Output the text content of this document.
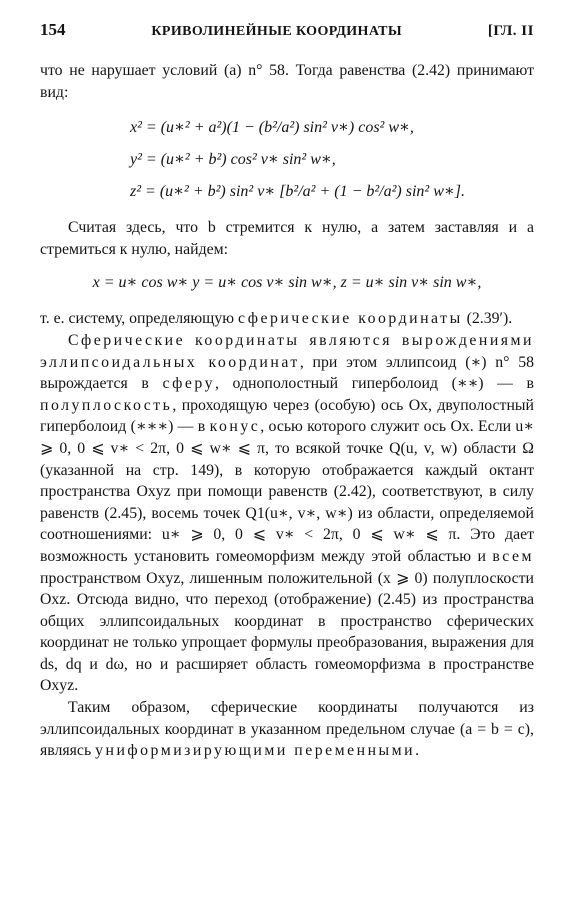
154	КРИВОЛИНЕЙНЫЕ КООРДИНАТЫ	[ГЛ. II

что не нарушает условий (а) n° 58. Тогда равенства (2.42) принимают вид:

x² = (u∗² + a²)(1 − (b²/a²) sin² v∗) cos² w∗,
y² = (u∗² + b²) cos² v∗ sin² w∗,
z² = (u∗² + b²) sin² v∗ [b²/a² + (1 − b²/a²) sin² w∗].

Считая здесь, что b стремится к нулю, а затем заставляя и a стремиться к нулю, найдем:

x = u∗ cos w∗ y = u∗ cos v∗ sin w∗, z = u∗ sin v∗ sin w∗,

т. е. систему, определяющую сферические координаты (2.39′).

Сферические координаты являются вырождениями эллипсоидальных координат, при этом эллипсоид (∗) n° 58 вырождается в сферу, однополостный гиперболоид (∗∗) — в полуплоскость, проходящую через (особую) ось Ox, двуполостный гиперболоид (∗∗∗) — в конус, осью которого служит ось Ox. Если u∗ ⩾ 0, 0 ⩽ v∗ < 2π, 0 ⩽ w∗ ⩽ π, то всякой точке Q(u, v, w) области Ω (указанной на стр. 149), в которую отображается каждый октант пространства Oxyz при помощи равенств (2.42), соответствуют, в силу равенств (2.45), восемь точек Q1(u∗, v∗, w∗) из области, определяемой соотношениями: u∗ ⩾ 0, 0 ⩽ v∗ < 2π, 0 ⩽ w∗ ⩽ π. Это дает возможность установить гомеоморфизм между этой областью и всем пространством Oxyz, лишенным положительной (x ⩾ 0) полуплоскости Oxz. Отсюда видно, что переход (отображение) (2.45) из пространства общих эллипсоидальных координат в пространство сферических координат не только упрощает формулы преобразования, выражения для ds, dq и dω, но и расширяет область гомеоморфизма в пространстве Oxyz.

Таким образом, сферические координаты получаются из эллипсоидальных координат в указанном предельном случае (a = b = c), являясь униформизирующими переменными.
